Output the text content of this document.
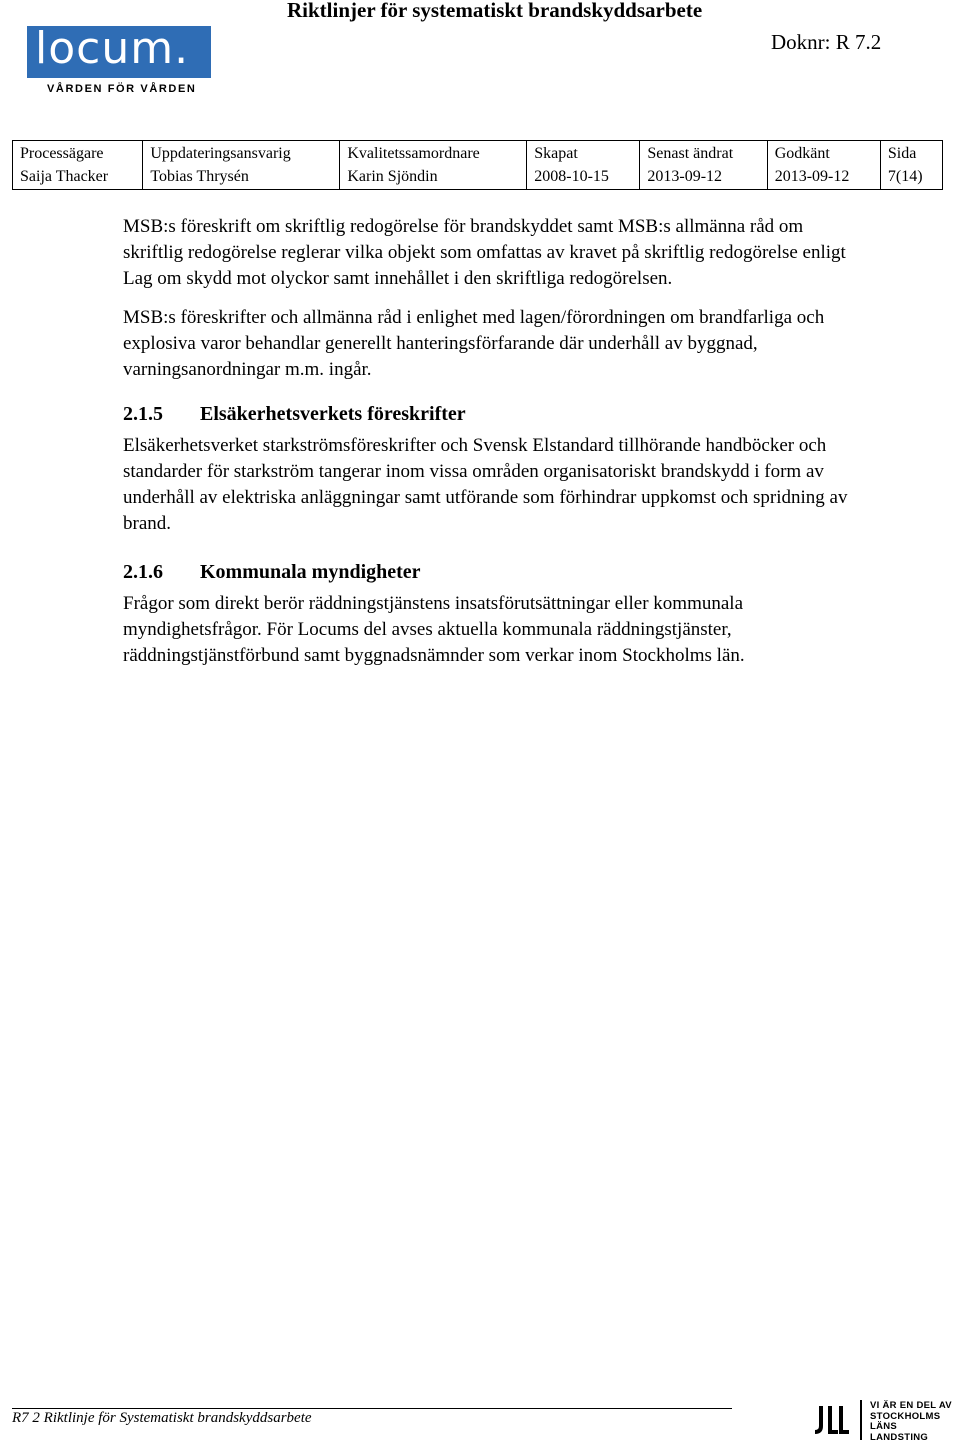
Riktlinjer för systematiskt brandskyddsarbete
Doknr: R 7.2
locum.
VÅRDEN FÖR VÅRDEN
Processägare	Uppdateringsansvarig	Kvalitetssamordnare	Skapat	Senast ändrat	Godkänt	Sida
Saija Thacker	Tobias Thrysén	Karin Sjöndin	2008-10-15	2013-09-12	2013-09-12	7(14)

MSB:s föreskrift om skriftlig redogörelse för brandskyddet samt MSB:s allmänna råd om skriftlig redogörelse reglerar vilka objekt som omfattas av kravet på skriftlig redogörelse enligt Lag om skydd mot olyckor samt innehållet i den skriftliga redogörelsen.

MSB:s föreskrifter och allmänna råd i enlighet med lagen/förordningen om brandfarliga och explosiva varor behandlar generellt hanteringsförfarande där underhåll av byggnad, varningsanordningar m.m. ingår.

2.1.5 Elsäkerhetsverkets föreskrifter

Elsäkerhetsverket starkströmsföreskrifter och Svensk Elstandard tillhörande handböcker och standarder för starkström tangerar inom vissa områden organisatoriskt brandskydd i form av underhåll av elektriska anläggningar samt utförande som förhindrar uppkomst och spridning av brand.

2.1.6 Kommunala myndigheter

Frågor som direkt berör räddningstjänstens insatsförutsättningar eller kommunala myndighetsfrågor. För Locums del avses aktuella kommunala räddningstjänster, räddningstjänstförbund samt byggnadsnämnder som verkar inom Stockholms län.

R7 2 Riktlinje för Systematiskt brandskyddsarbete
VI ÄR EN DEL AV
STOCKHOLMS
LÄNS LANDSTING
